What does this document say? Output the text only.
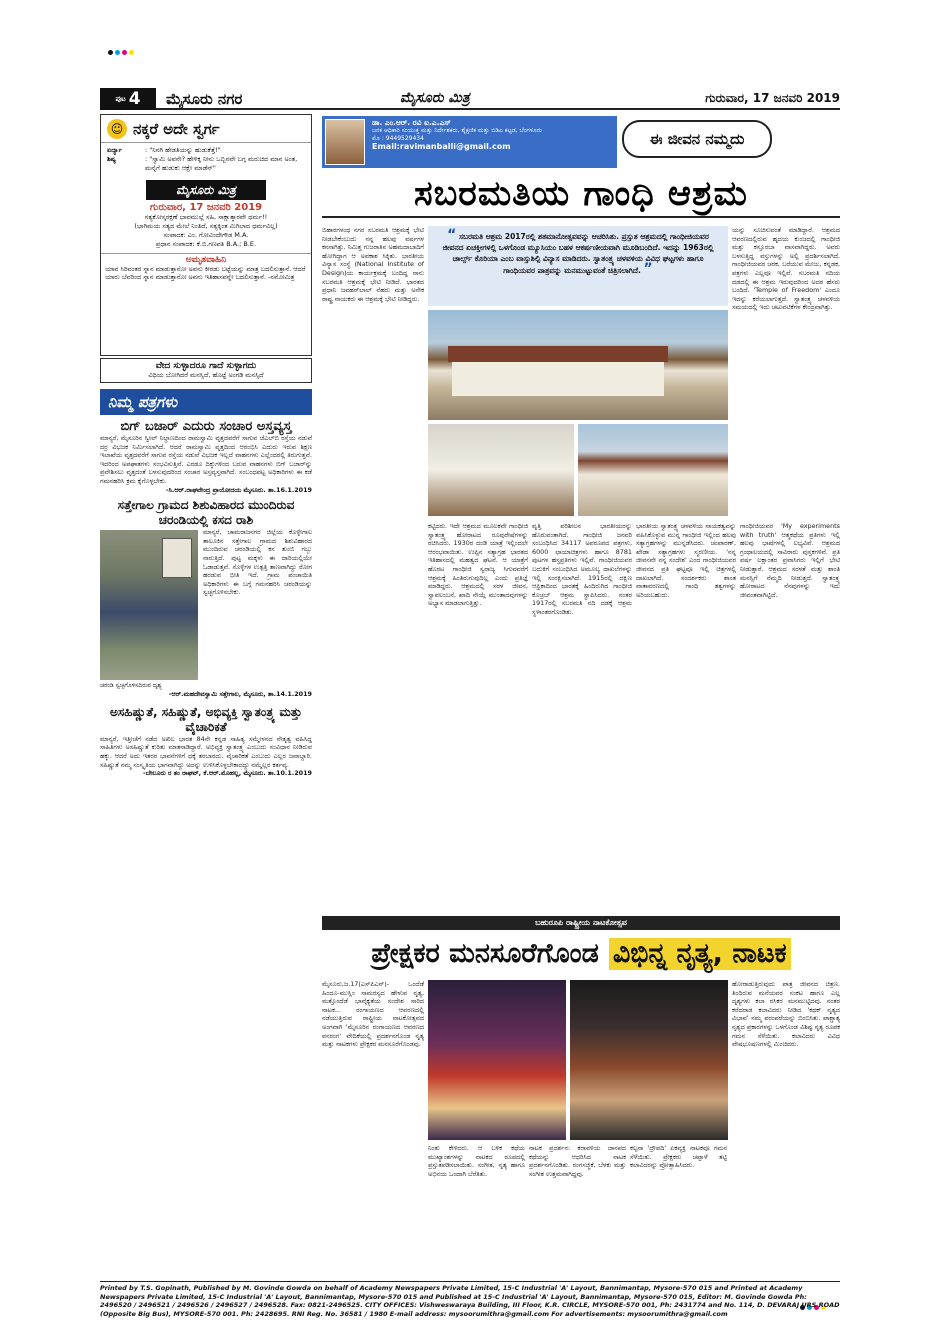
ಪುಟ 4 ಮೈಸೂರು ನಗರ	ಮೈಸೂರು ಮಿತ್ರ	ಗುರುವಾರ, 17 ಜನವರಿ 2019
☺ ನಕ್ಕರೆ ಅದೇ ಸ್ವರ್ಗ
ಏರ್ದ್ಯಾ	: "ನಿನಗಿ ಹೇಡತಿಯನ್ನು ಹುಡುಕೆತ್ತೆ!"
ಶಿಷ್ಯ	: "ಸ್ವಾಮಿ ಅವನೇ? ಹೇಳಿಕ್ಕ ನೀನು ಒಬ್ಬಿನವೇ ಬಗ್ಗ ಮರುಚಿದ ಮಾನ ಅಂತ, ಮನೈಗೆ ಹುಡುಕು ಆಕ್ಷೇ ಮಾಡೆನ್"
ಮೈಸೂರು ಮಿತ್ರ
ಗುರುವಾರ, 17 ಜನವರಿ 2019
ಸತ್ಯಕೋಸ್ಕರಕ್ಷಣೆ ಭಾವಮುಲ್ಲೆ ಸಹಿ, ಸಾಕ್ಷಾತ್ಕಾರವೇ ಧರ್ಮ!!
(ಭಾಗಿಮಯ ಸತ್ಯದ ಮೇಲೆ ನಿಂತಿದೆ, ಸತ್ಯಕ್ಕಿಂತ ಮಿಗಿಲಾದ ಧರ್ಮವಿಲ್ಲ)
ಸಂಪಾದಕ: ಎಂ. ಗೋವಿಂದೇಗೌಡ M.A.
ಪ್ರಧಾನ ಸಂಪಾದಕ: ಕೆ.ಬಿ.ಗಣಪತಿ B.A.; B.E.
ಅಮೃತವಾಹಿನಿ
ಯಾವ ಸಿರಿವಂತರ ಸ್ನಾನ ಮಾಡುತ್ತಾನೋ ಅವನು ಕೀರಡು ಬಟ್ಟೆಯನ್ನು ಮಾತ್ರ ಬದಲಿಸುತ್ತಾನೆ. ಆದರೆ ಯಾರು ಬೆವರಿಂದ ಸ್ನಾನ ಮಾಡುತ್ತಾನೋ ಅವನು ಇತಿಹಾಸವನ್ನೇ ಬದಲಿಸುತ್ತಾನೆ. -ನಮೋಮಿತ್ರ
ವೇದ ಸುಳ್ಳಾದರೂ ಗಾದೆ ಸುಳ್ಳಾಗದು
ವಿಧಿಯ ಬೋಗಿದರೆ ಮನಸ್ಸಿದೆ, ಹೊಟ್ಟೆ ಅಂಗಡಿ ಮನಸ್ಸಿದೆ
ನಿಮ್ಮ ಪತ್ರಗಳು
ಬಿಗ್ ಬಜಾರ್ ಎದುರು ಸಂಚಾರ ಅಸ್ತವ್ಯಸ್ತ
ಮಾನ್ಯರೆ, ಮೈಸೂರಿನ ಸ್ವೀಲ್ ನಿಲ್ದಾಣದಿಂದ ರಾಮಸ್ವಾಮಿ ವೃತ್ತದವರೆಗೆ ಸಾಗುವ ಜೆಎಲ್‌ಬಿ ರಸ್ತೆಯ ನಡುವೆ ದರ್ರ ವಿಭಜಕ ನಿರ್ಮಿಸಲಾಗಿದೆ. ಆದರೆ ರಾಮಸ್ವಾಮಿ ವೃತ್ತದಿಂದ ಆರಂಭಿಸಿ ಎದುರು ಇರುವ ಶಿಕ್ಷಣ ಇಲಾಖೆಯ ವೃತ್ತದವರೆಗೆ ಸಾಗುವ ರಸ್ತೆಯ ನಡುವೆ ವಿಭಜಕ ಇಲ್ಲದೆ ವಾಹನಗಳು ಎಲ್ಲೆಂದರಲ್ಲಿ ತಿರುಗುತ್ತವೆ. ಇದರಿಂದ ಅಪಘಾತಗಳು ಸಂಭವಿಸುತ್ತಿವೆ. ಎರಡೂ ದಿಕ್ಕುಗಳಿಂದ ಬರುವ ವಾಹನಗಳು ಬಿಗ್ ಬಜಾರ್‌ನ್ನು ಪ್ರವೇಶಿಸಲು ವೃತ್ತದಂತೆ ಬಳಸುವುದರಿಂದ ಸಂಚಾರ ಅಸ್ತವ್ಯಸ್ತವಾಗಿದೆ. ಸಂಬಂಧಪಟ್ಟ ಅಧಿಕಾರಿಗಳು ಈ ಕಡೆ ಗಮನಹರಿಸಿ ಕ್ರಮ ಕೈಗೊಳ್ಳಬೇಕು.
-ಸಿ.ಆರ್.ರಾಘವೇಂದ್ರ ಪ್ರಾಯೋದಯ ಮೈಸೂರು. ತಾ.16.1.2019
ಸತ್ತೇಗಾಲ ಗ್ರಾಮದ ಶಿಶುವಿಹಾರದ ಮುಂದಿರುವ ಚರಂಡಿಯಲ್ಲಿ ಕಸದ ರಾಶಿ
ಮಾನ್ಯರೆ, ಚಾಮರಾಜನಗರ ಜಿಲ್ಲೆಯ ಕೊಳ್ಳೇಗಾಲ ತಾಲೂಕಿನ ಸತ್ತೇಗಾಲ ಗ್ರಾಮದ ಶಿಶುವಿಹಾರದ ಮುಂದಿರುವ ಚರಂಡಿಯಲ್ಲಿ ಕಸ ತುಂಬಿ ಗಬ್ಬು ನಾರುತ್ತಿದೆ. ಪುಟ್ಟ ಮಕ್ಕಳು ಈ ದಾರಿಯಲ್ಲಿಯೇ ಓಡಾಡುತ್ತವೆ. ಸೊಳ್ಳೆಗಳ ಉತ್ಪತ್ತಿ ತಾಣವಾಗಿದ್ದು ರೋಗ ಹರಡುವ ಭೀತಿ ಇದೆ. ಗ್ರಾಮ ಪಂಚಾಯಿತಿ ಅಧಿಕಾರಿಗಳು ಈ ಬಗ್ಗೆ ಗಮನಹರಿಸಿ ಚರಂಡಿಯನ್ನು ಸ್ವಚ್ಛಗೊಳಿಸಬೇಕು.
ಚರಂಡಿ ಸ್ವಚ್ಛಗೊಳಿಸದಿರುವ ದೃಶ್ಯ
-ಆರ್.ಮಹದೇವಸ್ವಾಮಿ ಸತ್ತೇಗಾಲ, ಮೈಸೂರು, ತಾ.14.1.2019
ಅಸಹಿಷ್ಣುತೆ, ಸಹಿಷ್ಣುತೆ, ಅಭಿವ್ಯಕ್ತಿ ಸ್ವಾತಂತ್ರ್ಯ ಮತ್ತು ವೈಚಾರಿಕತೆ
ಮಾನ್ಯರೆ, ಇತ್ತೀಚೆಗೆ ನಡೆದ ಅಖಿಲ ಭಾರತ 84ನೇ ಕನ್ನಡ ಸಾಹಿತ್ಯ ಸಮ್ಮೇಳನದ ನೇತೃತ್ವ ವಹಿಸಿದ್ದ ಸಾಹಿತಿಗಳು ಅಸಹಿಷ್ಣುತೆ ಕುರಿತು ಮಾತನಾಡಿದ್ದಾರೆ. ಅಭಿವ್ಯಕ್ತಿ ಸ್ವಾತಂತ್ರ್ಯ ಎಂಬುದು ಸಂವಿಧಾನ ನೀಡಿರುವ ಹಕ್ಕು. ಆದರೆ ಅದು ಇತರರ ಭಾವನೆಗಳಿಗೆ ಧಕ್ಕೆ ತರಬಾರದು. ವೈಚಾರಿಕತೆ ಎಂಬುದು ಎಲ್ಲರ ಜವಾಬ್ದಾರಿ. ಸಹಿಷ್ಣುತೆ ನಮ್ಮ ಸಂಸ್ಕೃತಿಯ ಭಾಗವಾಗಿದ್ದು ಅದನ್ನು ಉಳಿಸಿಕೊಳ್ಳಬೇಕಾದದ್ದು ನಮ್ಮೆಲ್ಲರ ಕರ್ತವ್ಯ.
-ಬೇಲೂರು ರ ತಂ ರಾಘವ್, ಕೆ.ಆರ್.ಮೊಹಲ್ಲ, ಮೈಸೂರು. ತಾ.10.1.2019
ಡಾ. ಎಂ.ಆರ್. ರವಿ ಐ.ಎ.ಎಸ್
ಜನಕ ಆಧಿಕಾರಿ ಸಂಯುಕ್ತ ಮತ್ತು ನಿರ್ದೇಶಕರು, ಶೈಕ್ಷಣಿಕ ಮತ್ತು ಬಿಡಿಎ ಕಟ್ಟಡ, ಬೆಂಗಳೂರು
ಮೊ : 9449529434
Email:ravimanballi@gmail.com	ಈ ಜೀವನ ನಮ್ಮದು
ಸಬರಮತಿಯ ಗಾಂಧಿ ಆಶ್ರಮ
ಬಿಹಾರಗಳಂಥ ನಗರ ಸಬರಮತಿ ಆಶ್ರಮಕ್ಕೆ ಭೇಟಿ ನೀಡಬೇಕೆಂಬುದು ನನ್ನ ಹಲವು ವರ್ಷಗಳ ಕನಸಾಗಿತ್ತು. ನಿಮಿತ್ತ ಗುಜರಾತಿನ ಅಹಮದಾಬಾದಿಗೆ ಹೋಗಿದ್ದಾಗ ಆ ಅವಕಾಶ ಸಿಕ್ಕಿತು. ಭಾರತೀಯ ವಿನ್ಯಾಸ ಸಂಸ್ಥೆ (National Institute of Design)ಯ ಕಾರ್ಯಕ್ರಮಕ್ಕೆ ಬಂದಿದ್ದ ನಾನು ಸಬರಮತಿ ಆಶ್ರಮಕ್ಕೆ ಭೇಟಿ ನೀಡಿದೆ. ಭಾರತದ ಪ್ರಧಾನಿ ಜವಹರ್‌ಲಾಲ್ ನೆಹರು ಮತ್ತು ಅನೇಕ ರಾಷ್ಟ್ರ ನಾಯಕರು ಈ ಆಶ್ರಮಕ್ಕೆ ಭೇಟಿ ನೀಡಿದ್ದರು.
“ ಸಬರಮತಿ ಆಶ್ರಮ 2017ರಲ್ಲಿ ಶತಮಾನೋತ್ಸವವನ್ನು ಆಚರಿಸಿತು. ಪ್ರಸ್ತುತ ಆಶ್ರಮದಲ್ಲಿ ಗಾಂಧೀಜಿಯವರ ಜೀವನದ ಏಚಕ್ತೀಗಳಲ್ಲಿ ಒಳಗೊಂಡ ಮ್ಯೂಸಿಯಂ ಬಹಳ ಆಕರ್ಷಣೀಯವಾಗಿ ಮೂಡಿಬಂದಿದೆ. ಇದನ್ನು 1963ರಲ್ಲಿ ಚಾರ್ಲ್ಸ್ ಕೊರಿಯಾ ಎಂಬ ವಾಸ್ತುಶಿಲ್ಪಿ ವಿನ್ಯಾಸ ಮಾಡಿದರು. ಸ್ವಾತಂತ್ರ್ಯ ಚಳವಳಿಯ ವಿವಿಧ ಘಟ್ಟಗಳು ಹಾಗೂ ಗಾಂಧಿಯವರ ಪಾತ್ರವನ್ನು ಮನಮುಟ್ಟುವಂತೆ ಚಿತ್ರಿಸಲಾಗಿದೆ. ”
ಯನ್ನು ಸೂಚಿಸುವಂತೆ ಮಾಡಿದ್ದಾರೆ. ಆಶ್ರಮದ ಆವರಣದಲ್ಲಿರುವ ಹೃದಯ ಕುಂಜದಲ್ಲಿ ಗಾಂಧೀಜಿ ಮತ್ತು ಕಸ್ತೂರಬಾ ವಾಸವಾಗಿದ್ದರು. ಅವರು ಬಳಸುತ್ತಿದ್ದ ವಸ್ತುಗಳನ್ನು ಅಲ್ಲಿ ಪ್ರದರ್ಶಿಸಲಾಗಿದೆ. ಗಾಂಧೀಜಿಯವರ ಚರಕ, ಬರೆಯುವ ಮೇಜು, ಕನ್ನಡಕ, ಪತ್ರಗಳು ಎಲ್ಲವೂ ಇಲ್ಲಿವೆ. ಸಬರಮತಿ ನದಿಯ ದಡದಲ್ಲಿ ಈ ಆಶ್ರಮ ಇರುವುದರಿಂದ ಅದರ ಹೆಸರು ಬಂದಿದೆ. 'Temple of Freedom' ಎಂದೂ ಇದನ್ನು ಕರೆಯಲಾಗುತ್ತದೆ. ಸ್ವಾತಂತ್ರ್ಯ ಚಳವಳಿಯ ಸಮಯದಲ್ಲಿ ಇದು ಚಟುವಟಿಕೆಗಳ ಕೇಂದ್ರವಾಗಿತ್ತು.
ಕಟ್ಟಿದರು. ಇದೇ ಆಶ್ರಮದ ಮೂಲಕವೇ ಗಾಂಧೀಜಿ ಸ್ವಾತಂತ್ರ್ಯ ಹೋರಾಟದ ರೂಪುರೇಷೆಗಳನ್ನು ರಚಿಸಿದರು. 1930ರ ದಂಡಿ ಯಾತ್ರೆ ಇಲ್ಲಿಂದಲೇ ಆರಂಭವಾಯಿತು. ಉಪ್ಪಿನ ಸತ್ಯಾಗ್ರಹ ಭಾರತದ ಇತಿಹಾಸದಲ್ಲಿ ಮಹತ್ವದ ಘಟನೆ. ಆ ಯಾತ್ರೆಗೆ ಹೊರಟ ಗಾಂಧೀಜಿ ಸ್ವರಾಜ್ಯ ಸಿಗುವವರೆಗೆ ಆಶ್ರಮಕ್ಕೆ ಹಿಂತಿರುಗುವುದಿಲ್ಲ ಎಂದು ಪ್ರತಿಜ್ಞೆ ಮಾಡಿದ್ದರು. ಆಶ್ರಮದಲ್ಲಿ ಸರಳ ಜೀವನ, ಸ್ವಾವಲಂಬನೆ, ಖಾದಿ ನೇಯ್ಗೆ ಮುಂತಾದವುಗಳನ್ನು ಅಭ್ಯಾಸ ಮಾಡಲಾಗುತ್ತಿತ್ತು.
ವೃತ್ತಿ ಪರಿಶೀಲನ ಭಾರತೀಯರನ್ನು ಹೊರುವಂತಾಗಿದೆ. ಗಾಂಧೀಜಿ ಜನವರಿ ಸಂಬಂಧಿಸಿದ 34117 ಅಪರೂಪದ ಪತ್ರಗಳು, 6000 ಛಾಯಾಚಿತ್ರಗಳು ಹಾಗೂ 8781 ಪುಟಗಳ ಹಸ್ತಪ್ರತಿಗಳು ಇಲ್ಲಿವೆ. ಗಾಂಧೀಜಿಯವರ ಬದುಕಿಗೆ ಸಂಬಂಧಿಸಿದ ಅಮೂಲ್ಯ ದಾಖಲೆಗಳನ್ನು ಇಲ್ಲಿ ಸಂರಕ್ಷಿಸಲಾಗಿದೆ. 1915ರಲ್ಲಿ ದಕ್ಷಿಣ ಆಫ್ರಿಕಾದಿಂದ ಭಾರತಕ್ಕೆ ಹಿಂದಿರುಗಿದ ಗಾಂಧೀಜಿ ಕೊಚ್ರಬ್ ಆಶ್ರಮ ಸ್ಥಾಪಿಸಿದರು. ನಂತರ 1917ರಲ್ಲಿ ಸಬರಮತಿ ನದಿ ದಡಕ್ಕೆ ಆಶ್ರಮ ಸ್ಥಳಾಂತರಗೊಂಡಿತು.
ಭಾರತೀಯ ಸ್ವಾತಂತ್ರ್ಯ ಚಳವಳಿಯ ನಾಯಕತ್ವವನ್ನು ವಹಿಸಿಕೊಳ್ಳುವ ಮುನ್ನ ಗಾಂಧೀಜಿ ಇಲ್ಲಿಂದ ಹಲವು ಸತ್ಯಾಗ್ರಹಗಳನ್ನು ಮುನ್ನಡೆಸಿದರು. ಚಂಪಾರಣ್, ಖೇಡಾ ಸತ್ಯಾಗ್ರಹಗಳು ಸ್ಮರಣೀಯ. 'ನನ್ನ ಜೀವನವೇ ನನ್ನ ಸಂದೇಶ' ಎಂದ ಗಾಂಧೀಜಿಯವರ ಜೀವನದ ಪ್ರತಿ ಘಟ್ಟವೂ ಇಲ್ಲಿ ಚಿತ್ರಗಳಲ್ಲಿ ದಾಖಲಾಗಿದೆ. ಸಂದರ್ಶಕರು ಶಾಂತ ವಾತಾವರಣದಲ್ಲಿ ಗಾಂಧಿ ತತ್ವಗಳನ್ನು ಅರಿಯಬಹುದು.
ಗಾಂಧೀಜಿಯವರ 'My experiments with truth' ಆತ್ಮಕಥೆಯ ಪ್ರತಿಗಳು ಇಲ್ಲಿ ಹಲವು ಭಾಷೆಗಳಲ್ಲಿ ಲಭ್ಯವಿವೆ. ಆಶ್ರಮದ ಗ್ರಂಥಾಲಯದಲ್ಲಿ ಸಾವಿರಾರು ಪುಸ್ತಕಗಳಿವೆ. ಪ್ರತಿ ವರ್ಷ ಲಕ್ಷಾಂತರ ಪ್ರವಾಸಿಗರು ಇಲ್ಲಿಗೆ ಭೇಟಿ ನೀಡುತ್ತಾರೆ. ಆಶ್ರಮದ ಸರಳತೆ ಮತ್ತು ಶಾಂತಿ ಮನಸ್ಸಿಗೆ ನೆಮ್ಮದಿ ನೀಡುತ್ತದೆ. ಸ್ವಾತಂತ್ರ್ಯ ಹೋರಾಟದ ನೆನಪುಗಳನ್ನು ಇದು ಜೀವಂತವಾಗಿಟ್ಟಿದೆ.
ಬಹುರೂಪಿ ರಾಷ್ಟ್ರೀಯ ನಾಟಕೋತ್ಸವ
ಪ್ರೇಕ್ಷಕರ ಮನಸೂರೆಗೊಂಡ ವಿಭಿನ್ನ ನೃತ್ಯ, ನಾಟಕ
ಮೈಸೂರು,ಜ.17(ಎಸ್‌ಪಿಎನ್)- ಒಂದೆಡೆ ಹಿಂದೂ-ಮುಸ್ಲಿಂ ಸಾಮರಸ್ಯದ ಹೇಳುವ ನೃತ್ಯ, ಮತ್ತೊಂದೆಡೆ ಭಾವೈಕ್ಯತೆಯ ಸಂದೇಶ ಸಾರಿದ ನಾಟಕ... ರಂಗಾಯಣದ ಆವರಣದಲ್ಲಿ ನಡೆಯುತ್ತಿರುವ ರಾಷ್ಟ್ರೀಯ ನಾಟಕೋತ್ಸವದ ಅಂಗವಾಗಿ 'ಮೈಸೂರಿನ ರಂಗಾಯಣದ ಆವರಣದ ವನರಂಗ' ವೇದಿಕೆಯಲ್ಲಿ ಪ್ರದರ್ಶನಗೊಂಡ ನೃತ್ಯ ಮತ್ತು ನಾಟಕಗಳು ಪ್ರೇಕ್ಷಕರ ಮನಸೂರೆಗೊಂಡವು.
ಹೋರಾಡುತ್ತಿರುವುದು ಪಾತ್ರ ಜೀವನದ ಚಿತ್ರಣ. ತಿಂದಿರುವ ಮನೆಯವರ ಸಂಕಟ ಹಾಗೂ ಎಲ್ಲ ದೃಶ್ಯಗಳು ಕಲಾ ರಸಿಕರ ಮನಮುಟ್ಟಿದವು. ನಂತರ ಕರೆದರಾಡ ಕಲಾವಿದರು ನೀಡಿದ 'ಕಥಕ್ ನೃತ್ಯದ ವಿಭಾವ' ನಮ್ಮ ಪರಂಪರೆಯನ್ನು ಬಿಂಬಿಸಿತು. ಪಾಶ್ಚಾತ್ಯ ನೃತ್ಯದ ಪ್ರಕಾರಗಳನ್ನು ಒಳಗೊಂಡ ವಿಶಿಷ್ಟ ನೃತ್ಯ ರೂಪಕ ಗಮನ ಸೆಳೆಯಿತು. ಕಲಾವಿದರು ವಿವಿಧ ವೇಷಭೂಷಣಗಳಲ್ಲಿ ಮಿಂಚಿದರು.
ನಿಂತು ಕೇಳಿದರು. ಆ ಬಳಿಕ ಕಥೆಯ ಮುಖ್ಯಾಂಶಗಳನ್ನು ನಾಟಕದ ರೂಪದಲ್ಲಿ ಪ್ರಸ್ತುತಪಡಿಸಲಾಯಿತು. ಸಂಗೀತ, ನೃತ್ಯ ಹಾಗೂ ಅಭಿನಯ ಒಂದಾಗಿ ಬೆರೆತಿತು.
ನಾಟಕ ಪ್ರದರ್ಶನ: ಕರಾವಳಿಯ ಜಾನಪದ ಕಥೆಯನ್ನು ಆಧರಿಸಿದ ನಾಟಕ ಪ್ರದರ್ಶನಗೊಂಡಿತು. ರಂಗಸಜ್ಜಿಕೆ, ಬೆಳಕು ಮತ್ತು ಸಂಗೀತ ಉತ್ತಮವಾಗಿದ್ದವು.
ಕಲ್ಪನಾ 'ದ್ರೌಪದಿ' ಏಕವ್ಯಕ್ತಿ ನಾಟಕವೂ ಗಮನ ಸೆಳೆಯಿತು. ಪ್ರೇಕ್ಷಕರು ಚಪ್ಪಾಳೆ ತಟ್ಟಿ ಕಲಾವಿದರನ್ನು ಪ್ರೋತ್ಸಾಹಿಸಿದರು.
Printed by T.S. Gopinath, Published by M. Govinde Gowda on behalf of Academy Newspapers Private Limited, 15-C Industrial 'A' Layout, Bannimantap, Mysore-570 015 and Printed at Academy Newspapers Private Limited, 15-C Industrial 'A' Layout, Bannimantap, Mysore-570 015 and Published at 15-C Industrial 'A' Layout, Bannimantap, Mysore-570 015, Editor: M. Govinde Gowda Ph: 2496520 / 2496521 / 2496526 / 2496527 / 2496528. Fax: 0821-2496525. CITY OFFICES: Vishweswaraya Building, III Floor, K.R. CIRCLE, MYSORE-570 001, Ph: 2431774 and No. 114, D. DEVARAJ URS ROAD (Opposite Big Bus), MYSORE-570 001. Ph: 2428695. RNI Reg. No. 36581 / 1980 E-mail address: mysoorumithra@gmail.com For advertisements: mysoorumithra@gmail.com
